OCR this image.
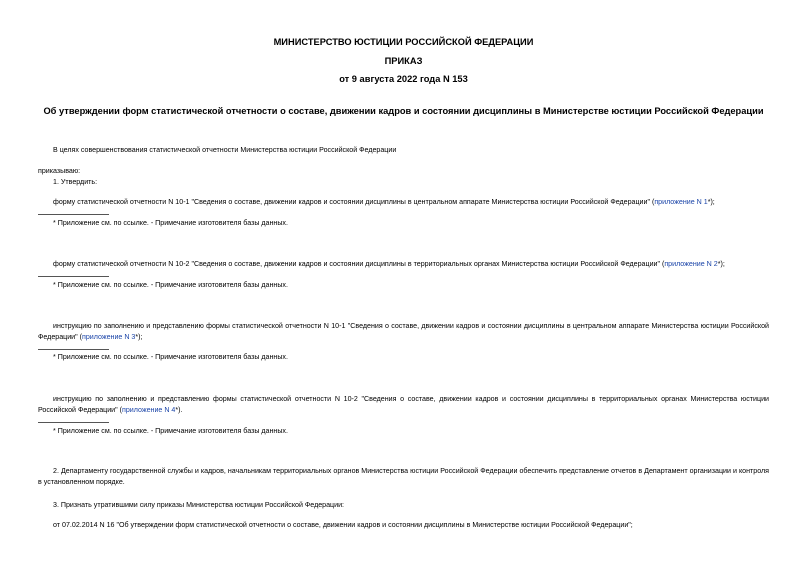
МИНИСТЕРСТВО ЮСТИЦИИ РОССИЙСКОЙ ФЕДЕРАЦИИ
ПРИКАЗ
от 9 августа 2022 года N 153
Об утверждении форм статистической отчетности о составе, движении кадров и состоянии дисциплины в Министерстве юстиции Российской Федерации
В целях совершенствования статистической отчетности Министерства юстиции Российской Федерации
приказываю:
1. Утвердить:
форму статистической отчетности N 10-1 "Сведения о составе, движении кадров и состоянии дисциплины в центральном аппарате Министерства юстиции Российской Федерации" (приложение N 1*);
* Приложение см. по ссылке. - Примечание изготовителя базы данных.
форму статистической отчетности N 10-2 "Сведения о составе, движении кадров и состоянии дисциплины в территориальных органах Министерства юстиции Российской Федерации" (приложение N 2*);
* Приложение см. по ссылке. - Примечание изготовителя базы данных.
инструкцию по заполнению и представлению формы статистической отчетности N 10-1 "Сведения о составе, движении кадров и состоянии дисциплины в центральном аппарате Министерства юстиции Российской Федерации" (приложение N 3*);
* Приложение см. по ссылке. - Примечание изготовителя базы данных.
инструкцию по заполнению и представлению формы статистической отчетности N 10-2 "Сведения о составе, движении кадров и состоянии дисциплины в территориальных органах Министерства юстиции Российской Федерации" (приложение N 4*).
* Приложение см. по ссылке. - Примечание изготовителя базы данных.
2. Департаменту государственной службы и кадров, начальникам территориальных органов Министерства юстиции Российской Федерации обеспечить представление отчетов в Департамент организации и контроля в установленном порядке.
3. Признать утратившими силу приказы Министерства юстиции Российской Федерации:
от 07.02.2014 N 16 "Об утверждении форм статистической отчетности о составе, движении кадров и состоянии дисциплины в Министерстве юстиции Российской Федерации";
